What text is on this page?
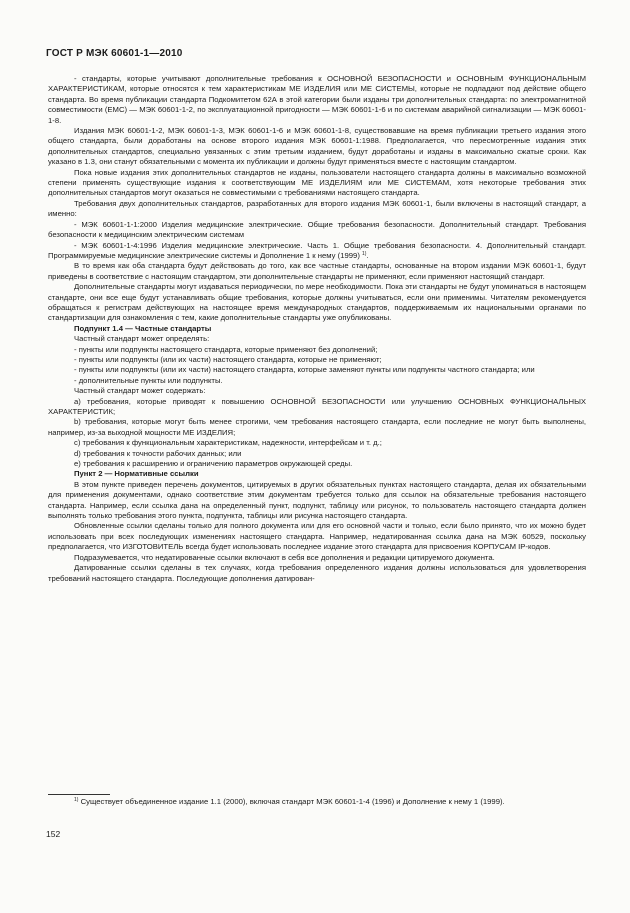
ГОСТ Р МЭК 60601-1—2010

- стандарты, которые учитывают дополнительные требования к ОСНОВНОЙ БЕЗОПАСНОСТИ и ОСНОВНЫМ ФУНКЦИОНАЛЬНЫМ ХАРАКТЕРИСТИКАМ, которые относятся к тем характеристикам МЕ ИЗДЕЛИЯ или МЕ СИСТЕМЫ, которые не подпадают под действие общего стандарта. Во время публикации стандарта Подкомитетом 62А в этой категории были изданы три дополнительных стандарта: по электромагнитной совместимости (ЕМС) — МЭК 60601-1-2, по эксплуатационной пригодности — МЭК 60601-1-6 и по системам аварийной сигнализации — МЭК 60601-1-8.

Издания МЭК 60601-1-2, МЭК 60601-1-3, МЭК 60601-1-6 и МЭК 60601-1-8, существовавшие на время публикации третьего издания этого общего стандарта, были доработаны на основе второго издания МЭК 60601-1:1988. Предполагается, что пересмотренные издания этих дополнительных стандартов, специально увязанных с этим третьим изданием, будут доработаны и изданы в максимально сжатые сроки. Как указано в 1.3, они станут обязательными с момента их публикации и должны будут применяться вместе с настоящим стандартом.

Пока новые издания этих дополнительных стандартов не изданы, пользователи настоящего стандарта должны в максимально возможной степени применять существующие издания к соответствующим МЕ ИЗДЕЛИЯМ или МЕ СИСТЕМАМ, хотя некоторые требования этих дополнительных стандартов могут оказаться не совместимыми с требованиями настоящего стандарта.

Требования двух дополнительных стандартов, разработанных для второго издания МЭК 60601-1, были включены в настоящий стандарт, а именно:

- МЭК 60601-1-1:2000 Изделия медицинские электрические. Общие требования безопасности. Дополнительный стандарт. Требования безопасности к медицинским электрическим системам

- МЭК 60601-1-4:1996 Изделия медицинские электрические. Часть 1. Общие требования безопасности. 4. Дополнительный стандарт. Программируемые медицинские электрические системы и Дополнение 1 к нему (1999) $^{1)}$.

В то время как оба стандарта будут действовать до того, как все частные стандарты, основанные на втором издании МЭК 60601-1, будут приведены в соответствие с настоящим стандартом, эти дополнительные стандарты не применяют, если применяют настоящий стандарт.

Дополнительные стандарты могут издаваться периодически, по мере необходимости. Пока эти стандарты не будут упоминаться в настоящем стандарте, они все еще будут устанавливать общие требования, которые должны учитываться, если они применимы. Читателям рекомендуется обращаться к регистрам действующих на настоящее время международных стандартов, поддерживаемым их национальными органами по стандартизации для ознакомления с тем, какие дополнительные стандарты уже опубликованы.

Подпункт 1.4 — Частные стандарты

Частный стандарт может определять:

- пункты или подпункты настоящего стандарта, которые применяют без дополнений;

- пункты или подпункты (или их части) настоящего стандарта, которые не применяют;

- пункты или подпункты (или их части) настоящего стандарта, которые заменяют пункты или подпункты частного стандарта; или

- дополнительные пункты или подпункты.

Частный стандарт может содержать:

а) требования, которые приводят к повышению ОСНОВНОЙ БЕЗОПАСНОСТИ или улучшению ОСНОВНЫХ ФУНКЦИОНАЛЬНЫХ ХАРАКТЕРИСТИК;

b) требования, которые могут быть менее строгими, чем требования настоящего стандарта, если последние не могут быть выполнены, например, из-за выходной мощности МЕ ИЗДЕЛИЯ;

с) требования к функциональным характеристикам, надежности, интерфейсам и т. д.;

d) требования к точности рабочих данных; или

е) требования к расширению и ограничению параметров окружающей среды.

Пункт 2 — Нормативные ссылки

В этом пункте приведен перечень документов, цитируемых в других обязательных пунктах настоящего стандарта, делая их обязательными для применения документами, однако соответствие этим документам требуется только для ссылок на обязательные требования настоящего стандарта. Например, если ссылка дана на определенный пункт, подпункт, таблицу или рисунок, то пользователь настоящего стандарта должен выполнять только требования этого пункта, подпункта, таблицы или рисунка настоящего стандарта.

Обновленные ссылки сделаны только для полного документа или для его основной части и только, если было принято, что их можно будет использовать при всех последующих изменениях настоящего стандарта. Например, недатированная ссылка дана на МЭК 60529, поскольку предполагается, что ИЗГОТОВИТЕЛЬ всегда будет использовать последнее издание этого стандарта для присвоения КОРПУСАМ IP-кодов.

Подразумевается, что недатированные ссылки включают в себя все дополнения и редакции цитируемого документа.

Датированные ссылки сделаны в тех случаях, когда требования определенного издания должны использоваться для удовлетворения требований настоящего стандарта. Последующие дополнения датирован-

$^{1)}$ Существует объединенное издание 1.1 (2000), включая стандарт МЭК 60601-1-4 (1996) и Дополнение к нему 1 (1999).
152
